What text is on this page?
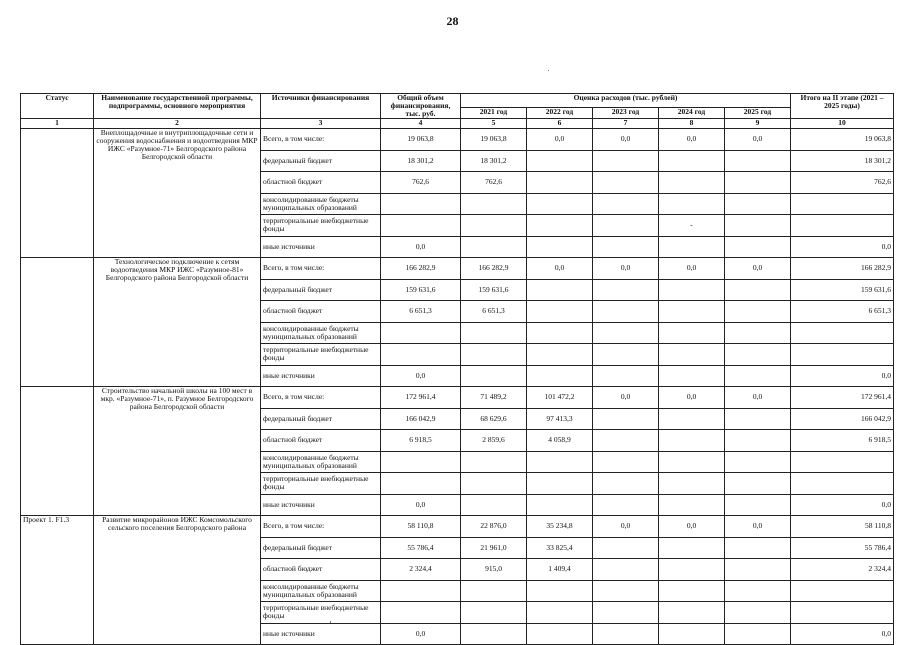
28
Статус	Наименование государственной программы, подпрограммы, основного мероприятия	Источники финансирования	Общий объем финансирования, тыс. руб.	Оценка расходов (тыс. рублей)					Итого на II этапе (2021 – 2025 годы)
				2021 год	2022 год	2023 год	2024 год	2025 год	
1	2	3	4	5	6	7	8	9	10
	Внеплощадочные и внутриплощадочные сети и сооружения водоснабжения и водоотведения МКР ИЖС «Разумное-71» Белгородского района Белгородской области	Всего, в том числе:	19 063,8	19 063,8	0,0	0,0	0,0	0,0	19 063,8
		федеральный бюджет	18 301,2	18 301,2					18 301,2
		областной бюджет	762,6	762,6					762,6
		консолидированные бюджеты муниципальных образований							
		территориальные внебюджетные фонды					-		
		иные источники	0,0						0,0
	Технологическое подключение к сетям водоотведения МКР ИЖС «Разумное-81» Белгородского района Белгородской области	Всего, в том числе:	166 282,9	166 282,9	0,0	0,0	0,0	0,0	166 282,9
		федеральный бюджет	159 631,6	159 631,6					159 631,6
		областной бюджет	6 651,3	6 651,3					6 651,3
		консолидированные бюджеты муниципальных образований							
		территориальные внебюджетные фонды							
		иные источники	0,0						0,0
	Строительство начальной школы на 100 мест в мкр. «Разумное-71», п. Разумное Белгородского района Белгородской области	Всего, в том числе:	172 961,4	71 489,2	101 472,2	0,0	0,0	0,0	172 961,4
		федеральный бюджет	166 042,9	68 629,6	97 413,3				166 042,9
		областной бюджет	6 918,5	2 859,6	4 058,9				6 918,5
		консолидированные бюджеты муниципальных образований							
		территориальные внебюджетные фонды							
		иные источники	0,0						0,0
Проект 1. F1.3	Развитие микрорайонов ИЖС Комсомольского сельского поселения Белгородского района	Всего, в том числе:	58 110,8	22 876,0	35 234,8	0,0	0,0	0,0	58 110,8
		федеральный бюджет	55 786,4	21 961,0	33 825,4				55 786,4
		областной бюджет	2 324,4	915,0	1 409,4				2 324,4
		консолидированные бюджеты муниципальных образований							
		территориальные внебюджетные фонды							
		иные источники	0,0						0,0
